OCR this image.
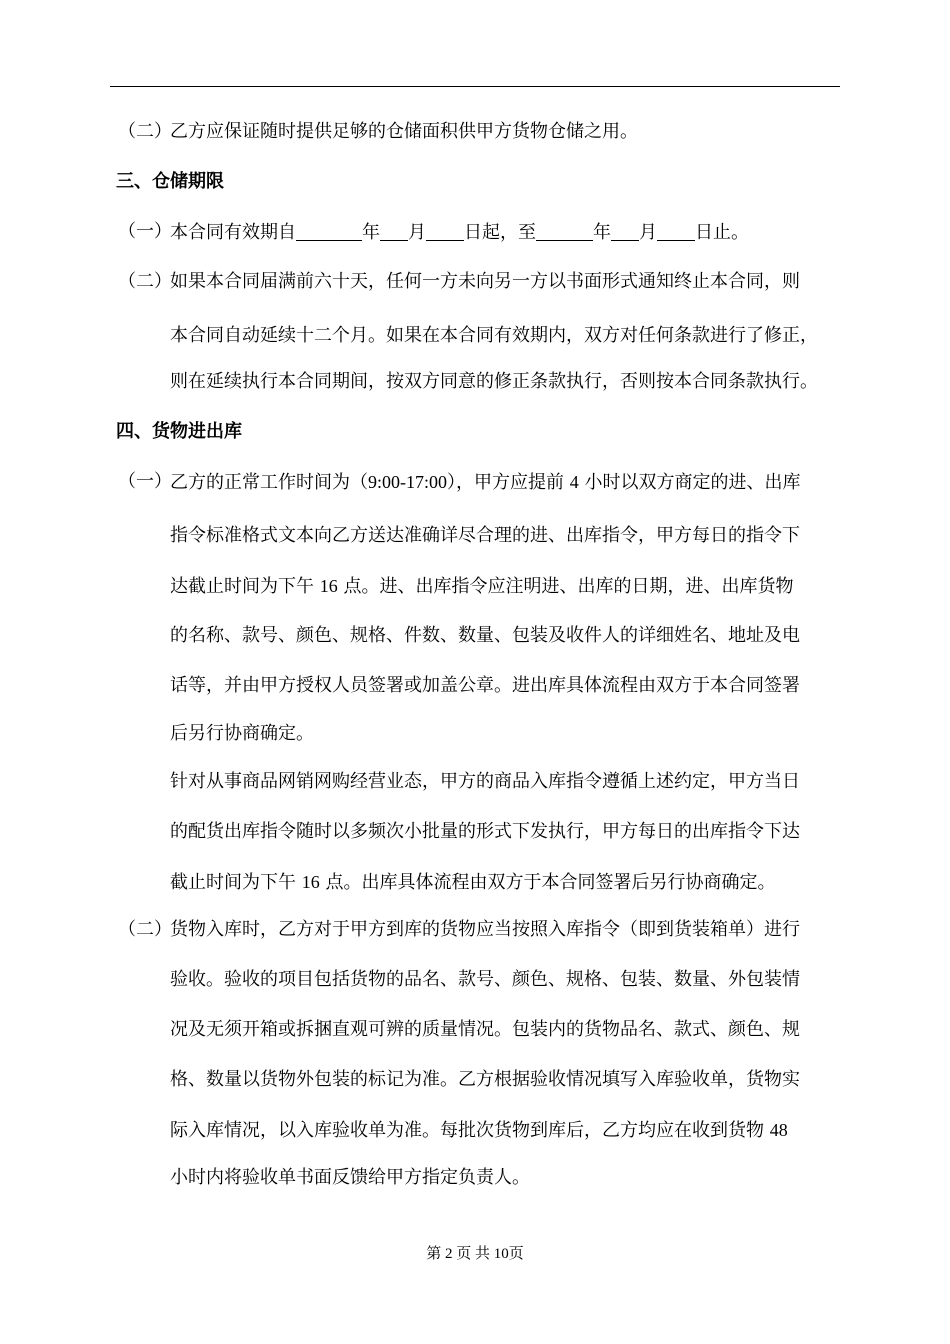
（二）
乙方应保证随时提供足够的仓储面积供甲方货物仓储之用。
三、仓储期限
（一）
本合同有效期自	年 月 日起，至	年 月 日止。
（二）
如果本合同届满前六十天，任何一方未向另一方以书面形式通知终止本合同，则
本合同自动延续十二个月。如果在本合同有效期内，双方对任何条款进行了修正，
则在延续执行本合同期间，按双方同意的修正条款执行，否则按本合同条款执行。
四、货物进出库
（一）
乙方的正常工作时间为（9:00-17:00），甲方应提前 4 小时以双方商定的进、出库
指令标准格式文本向乙方送达准确详尽合理的进、出库指令，甲方每日的指令下
达截止时间为下午 16 点。进、出库指令应注明进、出库的日期，进、出库货物
的名称、款号、颜色、规格、件数、数量、包装及收件人的详细姓名、地址及电
话等，并由甲方授权人员签署或加盖公章。进出库具体流程由双方于本合同签署
后另行协商确定。
针对从事商品网销网购经营业态，甲方的商品入库指令遵循上述约定，甲方当日
的配货出库指令随时以多频次小批量的形式下发执行，甲方每日的出库指令下达
截止时间为下午 16 点。出库具体流程由双方于本合同签署后另行协商确定。
（二）
货物入库时，乙方对于甲方到库的货物应当按照入库指令（即到货装箱单）进行
验收。验收的项目包括货物的品名、款号、颜色、规格、包装、数量、外包装情
况及无须开箱或拆捆直观可辨的质量情况。包装内的货物品名、款式、颜色、规
格、数量以货物外包装的标记为准。乙方根据验收情况填写入库验收单，货物实
际入库情况，以入库验收单为准。每批次货物到库后，乙方均应在收到货物 48
小时内将验收单书面反馈给甲方指定负责人。
第 2 页 共 10页
